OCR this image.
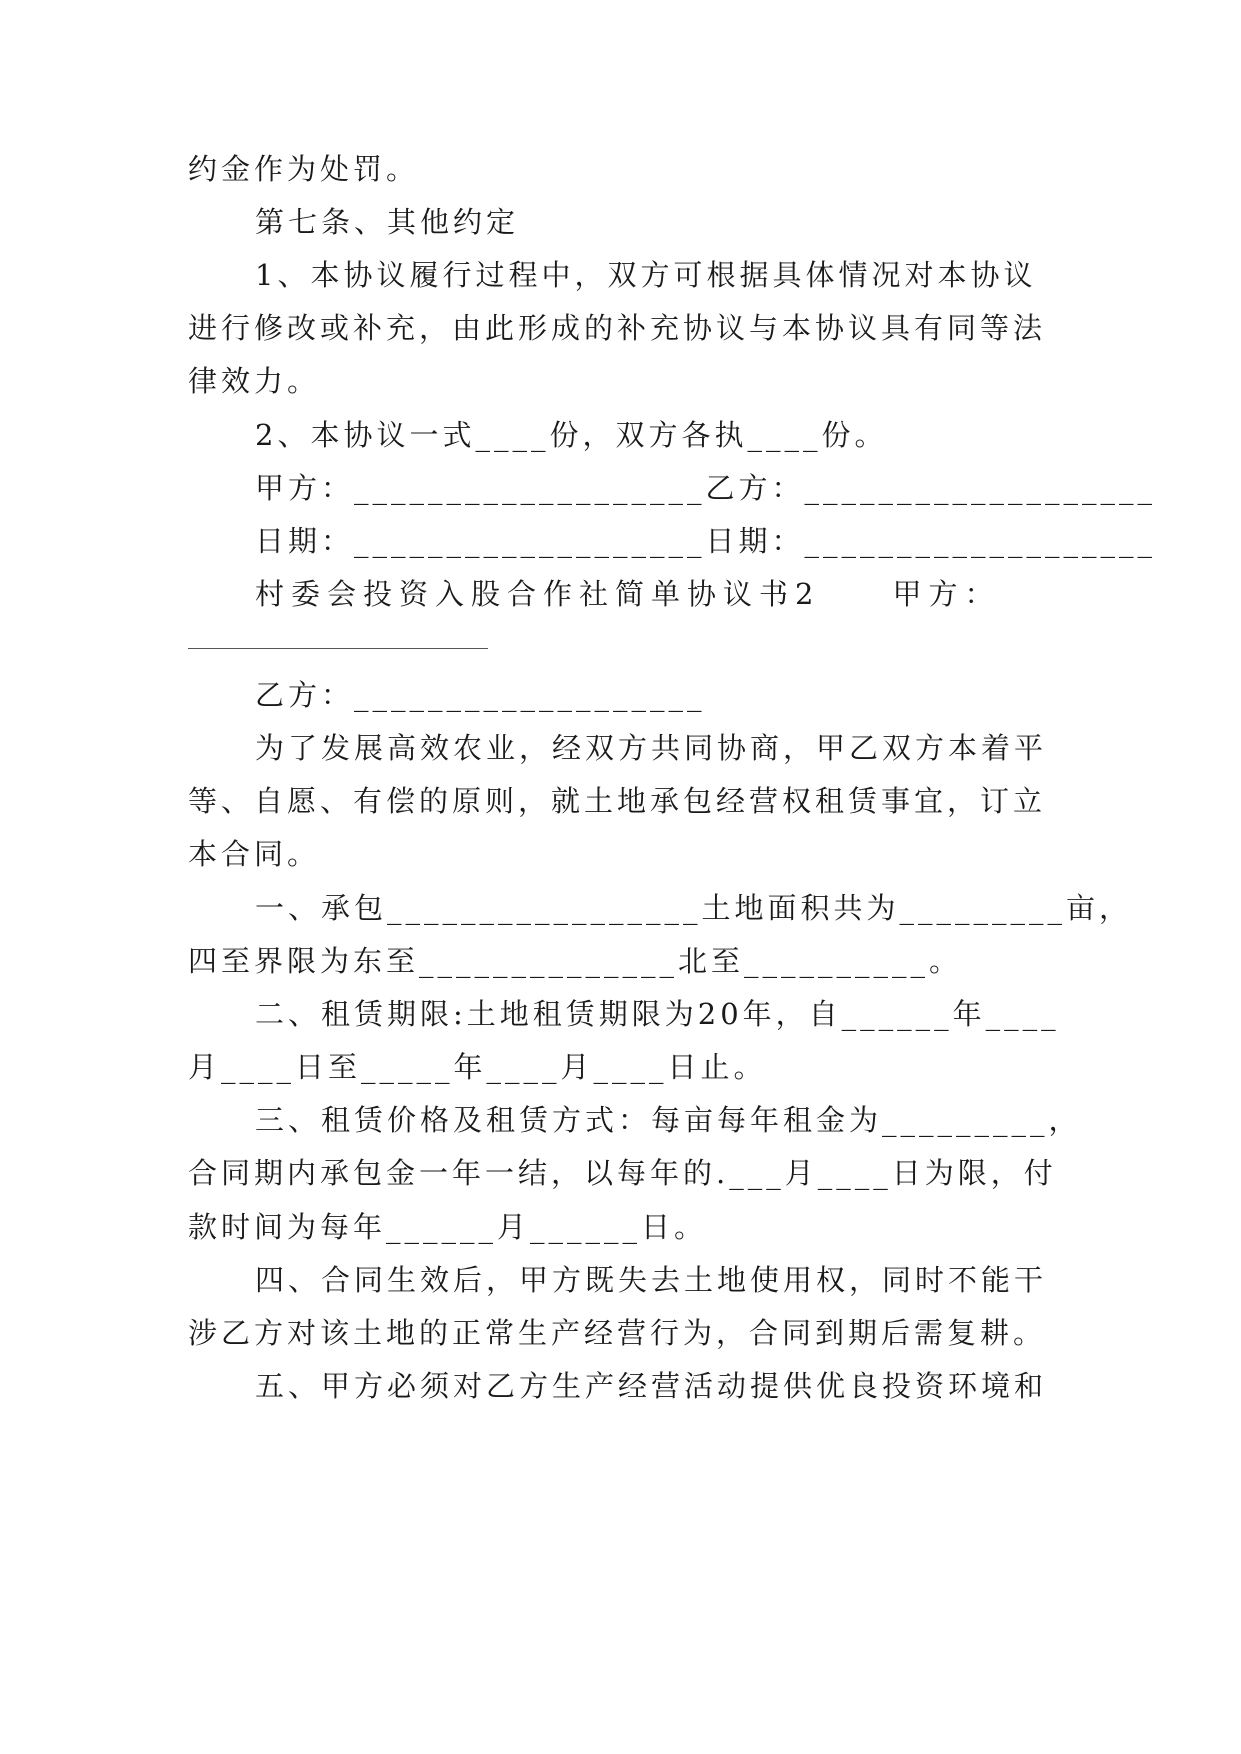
约金作为处罚。

第七条、其他约定

1、本协议履行过程中，双方可根据具体情况对本协议

进行修改或补充，由此形成的补充协议与本协议具有同等法

律效力。

2、本协议一式____份，双方各执____份。

甲方：___________________乙方：___________________

日期：___________________日期：___________________

村委会投资入股合作社简单协议书2　　甲方：

乙方：___________________

为了发展高效农业，经双方共同协商，甲乙双方本着平

等、自愿、有偿的原则，就土地承包经营权租赁事宜，订立

本合同。

一、承包_________________土地面积共为_________亩，

四至界限为东至______________北至__________。

二、租赁期限:土地租赁期限为20年，自______年____

月____日至_____年____月____日止。

三、租赁价格及租赁方式：每亩每年租金为_________，

合同期内承包金一年一结，以每年的.___月____日为限，付

款时间为每年______月______日。

四、合同生效后，甲方既失去土地使用权，同时不能干

涉乙方对该土地的正常生产经营行为，合同到期后需复耕。

五、甲方必须对乙方生产经营活动提供优良投资环境和
